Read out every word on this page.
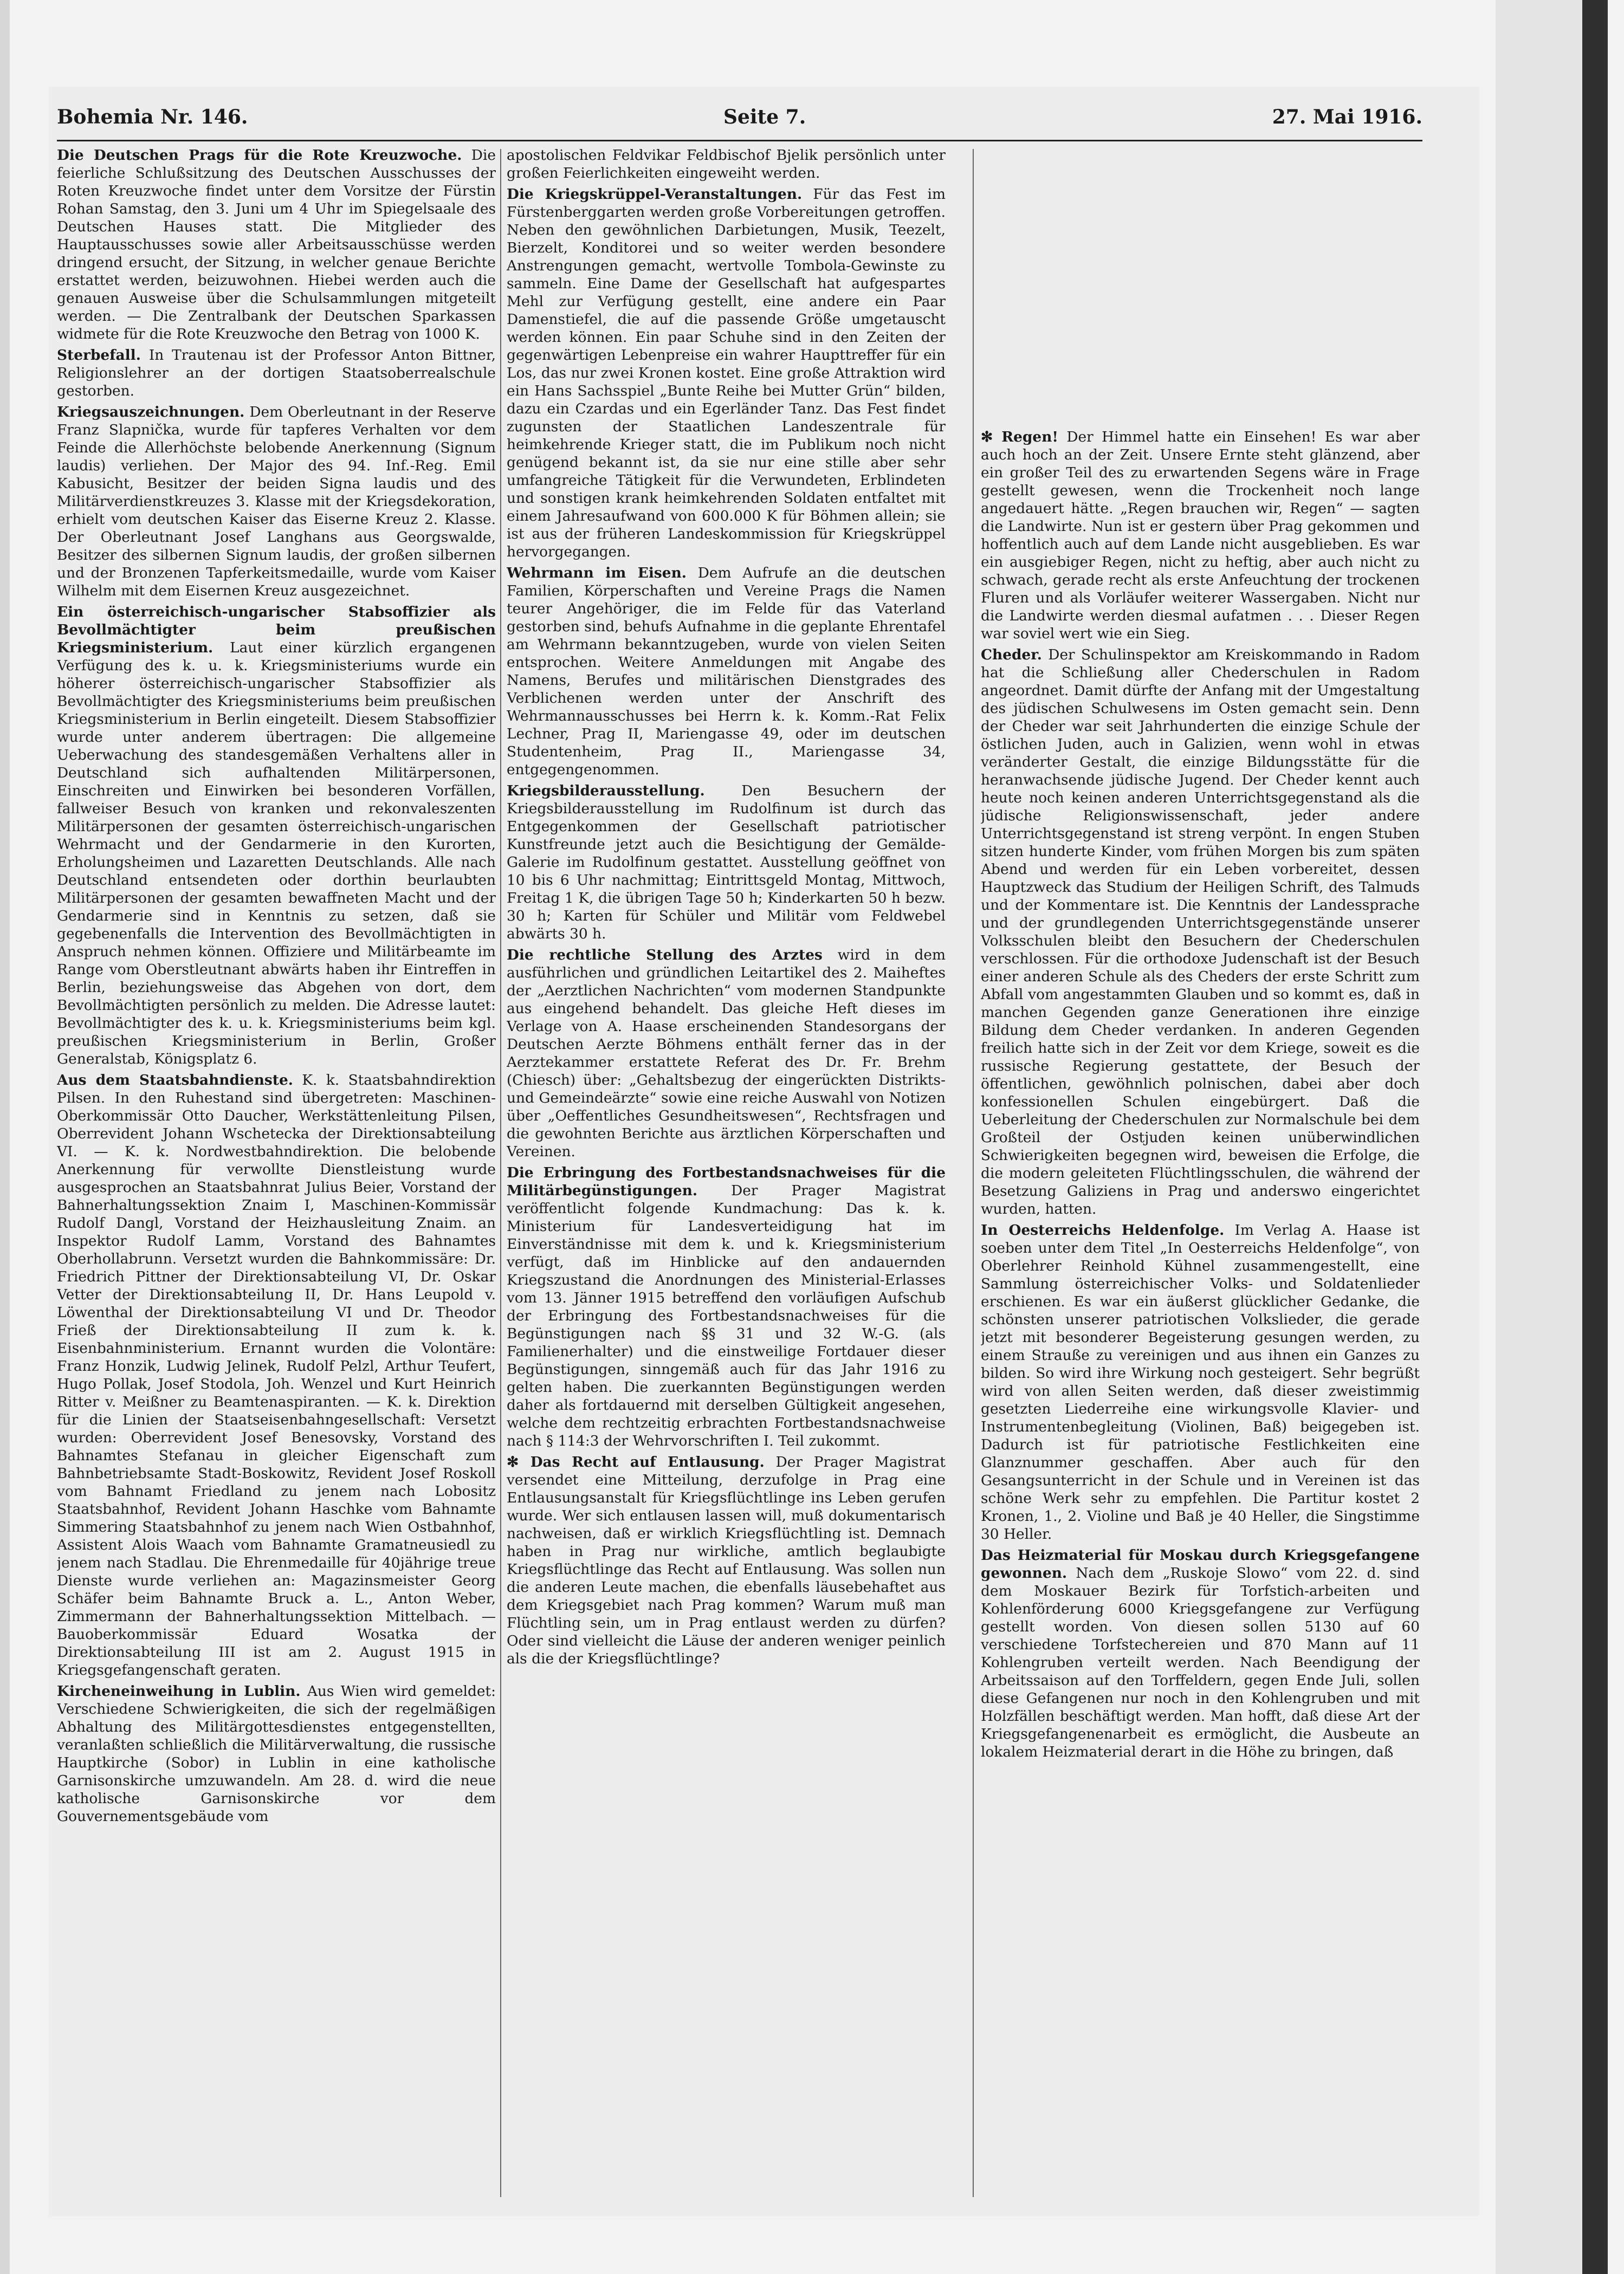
Bohemia Nr. 146.	Seite 7.	27. Mai 1916.

Die Deutschen Prags für die Rote Kreuzwoche. Die feierliche Schlußsitzung des Deutschen Ausschusses der Roten Kreuzwoche findet unter dem Vorsitze der Fürstin Rohan Samstag, den 3. Juni um 4 Uhr im Spiegelsaale des Deutschen Hauses statt. Die Mitglieder des Hauptausschusses sowie aller Arbeitsausschüsse werden dringend ersucht, der Sitzung, in welcher genaue Berichte erstattet werden, beizuwohnen. Hiebei werden auch die genauen Ausweise über die Schulsammlungen mitgeteilt werden. — Die Zentralbank der Deutschen Sparkassen widmete für die Rote Kreuzwoche den Betrag von 1000 K.

Sterbefall. In Trautenau ist der Professor Anton Bittner, Religionslehrer an der dortigen Staatsoberrealschule gestorben.

Kriegsauszeichnungen. Dem Oberleutnant in der Reserve Franz Slapnička, wurde für tapferes Verhalten vor dem Feinde die Allerhöchste belobende Anerkennung (Signum laudis) verliehen. Der Major des 94. Inf.-Reg. Emil Kabusicht, Besitzer der beiden Signa laudis und des Militärverdienstkreuzes 3. Klasse mit der Kriegsdekoration, erhielt vom deutschen Kaiser das Eiserne Kreuz 2. Klasse. Der Oberleutnant Josef Langhans aus Georgswalde, Besitzer des silbernen Signum laudis, der großen silbernen und der Bronzenen Tapferkeitsmedaille, wurde vom Kaiser Wilhelm mit dem Eisernen Kreuz ausgezeichnet.

Ein österreichisch-ungarischer Stabsoffizier als Bevollmächtigter beim preußischen Kriegsministerium. Laut einer kürzlich ergangenen Verfügung des k. u. k. Kriegsministeriums wurde ein höherer österreichisch-ungarischer Stabsoffizier als Bevollmächtigter des Kriegsministeriums beim preußischen Kriegsministerium in Berlin eingeteilt. Diesem Stabsoffizier wurde unter anderem übertragen: Die allgemeine Ueberwachung des standesgemäßen Verhaltens aller in Deutschland sich aufhaltenden Militärpersonen, Einschreiten und Einwirken bei besonderen Vorfällen, fallweiser Besuch von kranken und rekonvaleszenten Militärpersonen der gesamten österreichisch-ungarischen Wehrmacht und der Gendarmerie in den Kurorten, Erholungsheimen und Lazaretten Deutschlands. Alle nach Deutschland entsendeten oder dorthin beurlaubten Militärpersonen der gesamten bewaffneten Macht und der Gendarmerie sind in Kenntnis zu setzen, daß sie gegebenenfalls die Intervention des Bevollmächtigten in Anspruch nehmen können. Offiziere und Militärbeamte im Range vom Oberstleutnant abwärts haben ihr Eintreffen in Berlin, beziehungsweise das Abgehen von dort, dem Bevollmächtigten persönlich zu melden. Die Adresse lautet: Bevollmächtigter des k. u. k. Kriegsministeriums beim kgl. preußischen Kriegsministerium in Berlin, Großer Generalstab, Königsplatz 6.

Aus dem Staatsbahndienste. K. k. Staatsbahndirektion Pilsen. In den Ruhestand sind übergetreten: Maschinen-Oberkommissär Otto Daucher, Werkstättenleitung Pilsen, Oberrevident Johann Wschetecka der Direktionsabteilung VI. — K. k. Nordwestbahndirektion. Die belobende Anerkennung für verwollte Dienstleistung wurde ausgesprochen an Staatsbahnrat Julius Beier, Vorstand der Bahnerhaltungssektion Znaim I, Maschinen-Kommissär Rudolf Dangl, Vorstand der Heizhausleitung Znaim. an Inspektor Rudolf Lamm, Vorstand des Bahnamtes Oberhollabrunn. Versetzt wurden die Bahnkommissäre: Dr. Friedrich Pittner der Direktionsabteilung VI, Dr. Oskar Vetter der Direktionsabteilung II, Dr. Hans Leupold v. Löwenthal der Direktionsabteilung VI und Dr. Theodor Frieß der Direktionsabteilung II zum k. k. Eisenbahnministerium. Ernannt wurden die Volontäre: Franz Honzik, Ludwig Jelinek, Rudolf Pelzl, Arthur Teufert, Hugo Pollak, Josef Stodola, Joh. Wenzel und Kurt Heinrich Ritter v. Meißner zu Beamtenaspiranten. — K. k. Direktion für die Linien der Staatseisenbahngesellschaft: Versetzt wurden: Oberrevident Josef Benesovsky, Vorstand des Bahnamtes Stefanau in gleicher Eigenschaft zum Bahnbetriebsamte Stadt-Boskowitz, Revident Josef Roskoll vom Bahnamt Friedland zu jenem nach Lobositz Staatsbahnhof, Revident Johann Haschke vom Bahnamte Simmering Staatsbahnhof zu jenem nach Wien Ostbahnhof, Assistent Alois Waach vom Bahnamte Gramatneusiedl zu jenem nach Stadlau. Die Ehrenmedaille für 40jährige treue Dienste wurde verliehen an: Magazinsmeister Georg Schäfer beim Bahnamte Bruck a. L., Anton Weber, Zimmermann der Bahnerhaltungssektion Mittelbach. — Bauoberkommissär Eduard Wosatka der Direktionsabteilung III ist am 2. August 1915 in Kriegsgefangenschaft geraten.

Kircheneinweihung in Lublin. Aus Wien wird gemeldet: Verschiedene Schwierigkeiten, die sich der regelmäßigen Abhaltung des Militärgottesdienstes entgegenstellten, veranlaßten schließlich die Militärverwaltung, die russische Hauptkirche (Sobor) in Lublin in eine katholische Garnisonskirche umzuwandeln. Am 28. d. wird die neue katholische Garnisonskirche vor dem Gouvernementsgebäude vom

apostolischen Feldvikar Feldbischof Bjelik persönlich unter großen Feierlichkeiten eingeweiht werden.

Die Kriegskrüppel-Veranstaltungen. Für das Fest im Fürstenberggarten werden große Vorbereitungen getroffen. Neben den gewöhnlichen Darbietungen, Musik, Teezelt, Bierzelt, Konditorei und so weiter werden besondere Anstrengungen gemacht, wertvolle Tombola-Gewinste zu sammeln. Eine Dame der Gesellschaft hat aufgespartes Mehl zur Verfügung gestellt, eine andere ein Paar Damenstiefel, die auf die passende Größe umgetauscht werden können. Ein paar Schuhe sind in den Zeiten der gegenwärtigen Lebenpreise ein wahrer Haupttreffer für ein Los, das nur zwei Kronen kostet. Eine große Attraktion wird ein Hans Sachsspiel „Bunte Reihe bei Mutter Grün“ bilden, dazu ein Czardas und ein Egerländer Tanz. Das Fest findet zugunsten der Staatlichen Landeszentrale für heimkehrende Krieger statt, die im Publikum noch nicht genügend bekannt ist, da sie nur eine stille aber sehr umfangreiche Tätigkeit für die Verwundeten, Erblindeten und sonstigen krank heimkehrenden Soldaten entfaltet mit einem Jahresaufwand von 600.000 K für Böhmen allein; sie ist aus der früheren Landeskommission für Kriegskrüppel hervorgegangen.

Wehrmann im Eisen. Dem Aufrufe an die deutschen Familien, Körperschaften und Vereine Prags die Namen teurer Angehöriger, die im Felde für das Vaterland gestorben sind, behufs Aufnahme in die geplante Ehrentafel am Wehrmann bekanntzugeben, wurde von vielen Seiten entsprochen. Weitere Anmeldungen mit Angabe des Namens, Berufes und militärischen Dienstgrades des Verblichenen werden unter der Anschrift des Wehrmannausschusses bei Herrn k. k. Komm.-Rat Felix Lechner, Prag II, Mariengasse 49, oder im deutschen Studentenheim, Prag II., Mariengasse 34, entgegengenommen.

Kriegsbilderausstellung.	Den Besuchern der Kriegsbilderausstellung im Rudolfinum ist durch das Entgegenkommen der Gesellschaft patriotischer Kunstfreunde jetzt auch die Besichtigung der Gemälde-Galerie im Rudolfinum gestattet. Ausstellung geöffnet von 10 bis 6 Uhr nachmittag; Eintrittsgeld Montag, Mittwoch, Freitag 1 K, die übrigen Tage 50 h; Kinderkarten 50 h bezw. 30 h; Karten für Schüler und Militär vom Feldwebel abwärts 30 h.

Die rechtliche Stellung des Arztes wird in dem ausführlichen und gründlichen Leitartikel des 2. Maiheftes der „Aerztlichen Nachrichten“ vom modernen Standpunkte aus eingehend behandelt. Das gleiche Heft dieses im Verlage von A. Haase erscheinenden Standesorgans der Deutschen Aerzte Böhmens enthält ferner das in der Aerztekammer erstattete Referat des Dr. Fr. Brehm (Chiesch) über: „Gehaltsbezug der eingerückten Distrikts- und Gemeindeärzte“ sowie eine reiche Auswahl von Notizen über „Oeffentliches Gesundheitswesen“, Rechtsfragen und die gewohnten Berichte aus ärztlichen Körperschaften und Vereinen.

Die Erbringung des Fortbestandsnachweises für die Militärbegünstigungen. Der Prager Magistrat veröffentlicht folgende Kundmachung: Das k. k. Ministerium für Landesverteidigung hat im Einverständnisse mit dem k. und k. Kriegsministerium verfügt, daß im Hinblicke auf den andauernden Kriegszustand die Anordnungen des Ministerial-Erlasses vom 13. Jänner 1915 betreffend den vorläufigen Aufschub der Erbringung des Fortbestandsnachweises für die Begünstigungen nach §§ 31 und 32 W.-G. (als Familienerhalter) und die einstweilige Fortdauer dieser Begünstigungen, sinngemäß auch für das Jahr 1916 zu gelten haben. Die zuerkannten Begünstigungen werden daher als fortdauernd mit derselben Gültigkeit angesehen, welche dem rechtzeitig erbrachten Fortbestandsnachweise nach § 114:3 der Wehrvorschriften I. Teil zukommt.

✻ Das Recht auf Entlausung. Der Prager Magistrat versendet eine Mitteilung, derzufolge in Prag eine Entlausungsanstalt für Kriegsflüchtlinge ins Leben gerufen wurde. Wer sich entlausen lassen will, muß dokumentarisch nachweisen, daß er wirklich Kriegsflüchtling ist. Demnach haben in Prag nur wirkliche, amtlich beglaubigte Kriegsflüchtlinge das Recht auf Entlausung. Was sollen nun die anderen Leute machen, die ebenfalls läusebehaftet aus dem Kriegsgebiet nach Prag kommen? Warum muß man Flüchtling sein, um in Prag entlaust werden zu dürfen? Oder sind vielleicht die Läuse der anderen weniger peinlich als die der Kriegsflüchtlinge?

✻ Regen! Der Himmel hatte ein Einsehen! Es war aber auch hoch an der Zeit. Unsere Ernte steht glänzend, aber ein großer Teil des zu erwartenden Segens wäre in Frage gestellt gewesen, wenn die Trockenheit noch lange angedauert hätte. „Regen brauchen wir, Regen“ — sagten die Landwirte. Nun ist er gestern über Prag gekommen und hoffentlich auch auf dem Lande nicht ausgeblieben. Es war ein ausgiebiger Regen, nicht zu heftig, aber auch nicht zu schwach, gerade recht als erste Anfeuchtung der trockenen Fluren und als Vorläufer weiterer Wassergaben. Nicht nur die Landwirte werden diesmal aufatmen . . . Dieser Regen war soviel wert wie ein Sieg.

Cheder. Der Schulinspektor am Kreiskommando in Radom hat die Schließung aller Chederschulen in Radom angeordnet. Damit dürfte der Anfang mit der Umgestaltung des jüdischen Schulwesens im Osten gemacht sein. Denn der Cheder war seit Jahrhunderten die einzige Schule der östlichen Juden, auch in Galizien, wenn wohl in etwas veränderter Gestalt, die einzige Bildungsstätte für die heranwachsende jüdische Jugend. Der Cheder kennt auch heute noch keinen anderen Unterrichtsgegenstand als die jüdische Religionswissenschaft, jeder andere Unterrichtsgegenstand ist streng verpönt. In engen Stuben sitzen hunderte Kinder, vom frühen Morgen bis zum späten Abend und werden für ein Leben vorbereitet, dessen Hauptzweck das Studium der Heiligen Schrift, des Talmuds und der Kommentare ist. Die Kenntnis der Landessprache und der grundlegenden Unterrichtsgegenstände unserer Volksschulen bleibt den Besuchern der Chederschulen verschlossen. Für die orthodoxe Judenschaft ist der Besuch einer anderen Schule als des Cheders der erste Schritt zum Abfall vom angestammten Glauben und so kommt es, daß in manchen Gegenden ganze Generationen ihre einzige Bildung dem Cheder verdanken. In anderen Gegenden freilich hatte sich in der Zeit vor dem Kriege, soweit es die russische Regierung gestattete, der Besuch der öffentlichen, gewöhnlich polnischen, dabei aber doch konfessionellen Schulen eingebürgert. Daß die Ueberleitung der Chederschulen zur Normalschule bei dem Großteil der Ostjuden keinen unüberwindlichen Schwierigkeiten begegnen wird, beweisen die Erfolge, die die modern geleiteten Flüchtlingsschulen, die während der Besetzung Galiziens in Prag und anderswo eingerichtet wurden, hatten.

In Oesterreichs Heldenfolge. Im Verlag A. Haase ist soeben unter dem Titel „In Oesterreichs Heldenfolge“, von Oberlehrer Reinhold Kühnel zusammengestellt, eine Sammlung österreichischer Volks- und Soldatenlieder erschienen. Es war ein äußerst glücklicher Gedanke, die schönsten unserer patriotischen Volkslieder, die gerade jetzt mit besonderer Begeisterung gesungen werden, zu einem Strauße zu vereinigen und aus ihnen ein Ganzes zu bilden. So wird ihre Wirkung noch gesteigert. Sehr begrüßt wird von allen Seiten werden, daß dieser zweistimmig gesetzten Liederreihe eine wirkungsvolle Klavier- und Instrumentenbegleitung (Violinen, Baß) beigegeben ist. Dadurch ist für patriotische Festlichkeiten eine Glanznummer geschaffen. Aber auch für den Gesangsunterricht in der Schule und in Vereinen ist das schöne Werk sehr zu empfehlen. Die Partitur kostet 2 Kronen, 1., 2. Violine und Baß je 40 Heller, die Singstimme 30 Heller.

Das Heizmaterial für Moskau durch Kriegsgefangene gewonnen. Nach dem „Ruskoje Slowo“ vom 22. d. sind dem Moskauer Bezirk für Torfstich-arbeiten und Kohlenförderung 6000 Kriegsgefangene zur Verfügung gestellt worden. Von diesen sollen 5130 auf 60 verschiedene Torfstechereien und 870 Mann auf 11 Kohlengruben verteilt werden. Nach Beendigung der Arbeitssaison auf den Torffeldern, gegen Ende Juli, sollen diese Gefangenen nur noch in den Kohlengruben und mit Holzfällen beschäftigt werden. Man hofft, daß diese Art der Kriegsgefangenenarbeit es ermöglicht, die Ausbeute an lokalem Heizmaterial derart in die Höhe zu bringen, daß
